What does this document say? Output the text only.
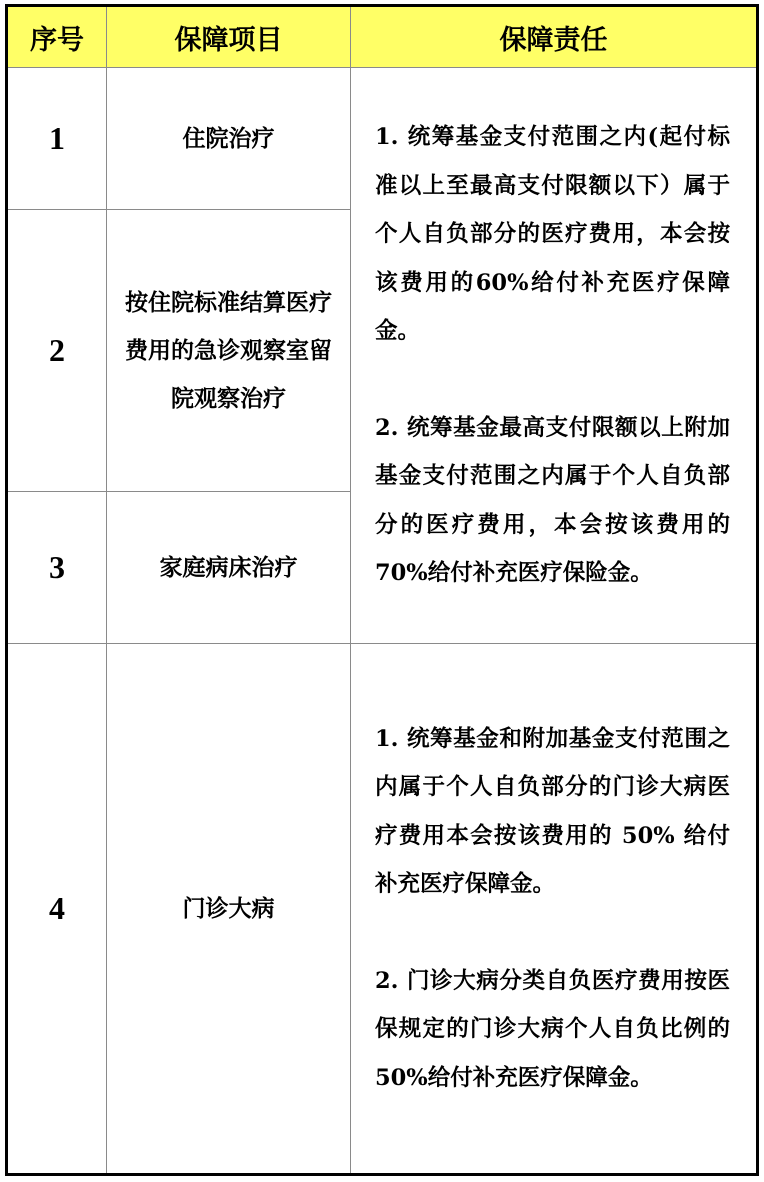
序号	保障项目	保障责任
1	住院治疗	1. 统筹基金支付范围之内(起付标准以上至最高支付限额以下）属于个人自负部分的医疗费用，本会按该费用的60%给付补充医疗保障金。

2. 统筹基金最高支付限额以上附加基金支付范围之内属于个人自负部分的医疗费用，本会按该费用的70%给付补充医疗保险金。

2	按住院标准结算医疗费用的急诊观察室留院观察治疗	
3	家庭病床治疗	
4	门诊大病	1. 统筹基金和附加基金支付范围之内属于个人自负部分的门诊大病医疗费用本会按该费用的 50% 给付补充医疗保障金。

2. 门诊大病分类自负医疗费用按医保规定的门诊大病个人自负比例的50%给付补充医疗保障金。
